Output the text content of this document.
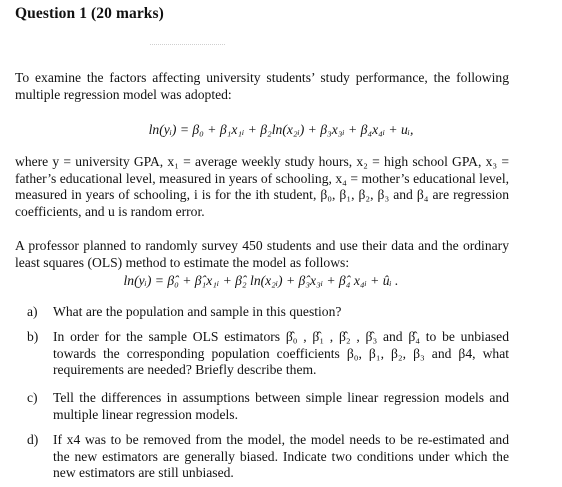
Question 1 (20 marks)
To examine the factors affecting university students’ study performance, the following multiple regression model was adopted:
ln(yᵢ) = β₀ + β₁x₁ᵢ + β₂ln(x₂ᵢ) + β₃x₃ᵢ + β₄x₄ᵢ + uᵢ,
where y = university GPA, x₁ = average weekly study hours, x₂ = high school GPA, x₃ = father’s educational level, measured in years of schooling, x₄ = mother’s educational level, measured in years of schooling, i is for the ith student, β₀, β₁, β₂, β₃ and β₄ are regression coefficients, and u is random error.
A professor planned to randomly survey 450 students and use their data and the ordinary least squares (OLS) method to estimate the model as follows:
ln(yᵢ) = β̂₀ + β̂₁x₁ᵢ + β̂₂ ln(x₂ᵢ) + β̂₃x₃ᵢ + β̂₄ x₄ᵢ + ûᵢ .
a) What are the population and sample in this question?
b) In order for the sample OLS estimators β̂₀ , β̂₁ , β̂₂ , β̂₃ and β̂₄ to be unbiased towards the corresponding population coefficients β₀, β₁, β₂, β₃ and β4, what requirements are needed? Briefly describe them.
c) Tell the differences in assumptions between simple linear regression models and multiple linear regression models.
d) If x4 was to be removed from the model, the model needs to be re-estimated and the new estimators are generally biased. Indicate two conditions under which the new estimators are still unbiased.
